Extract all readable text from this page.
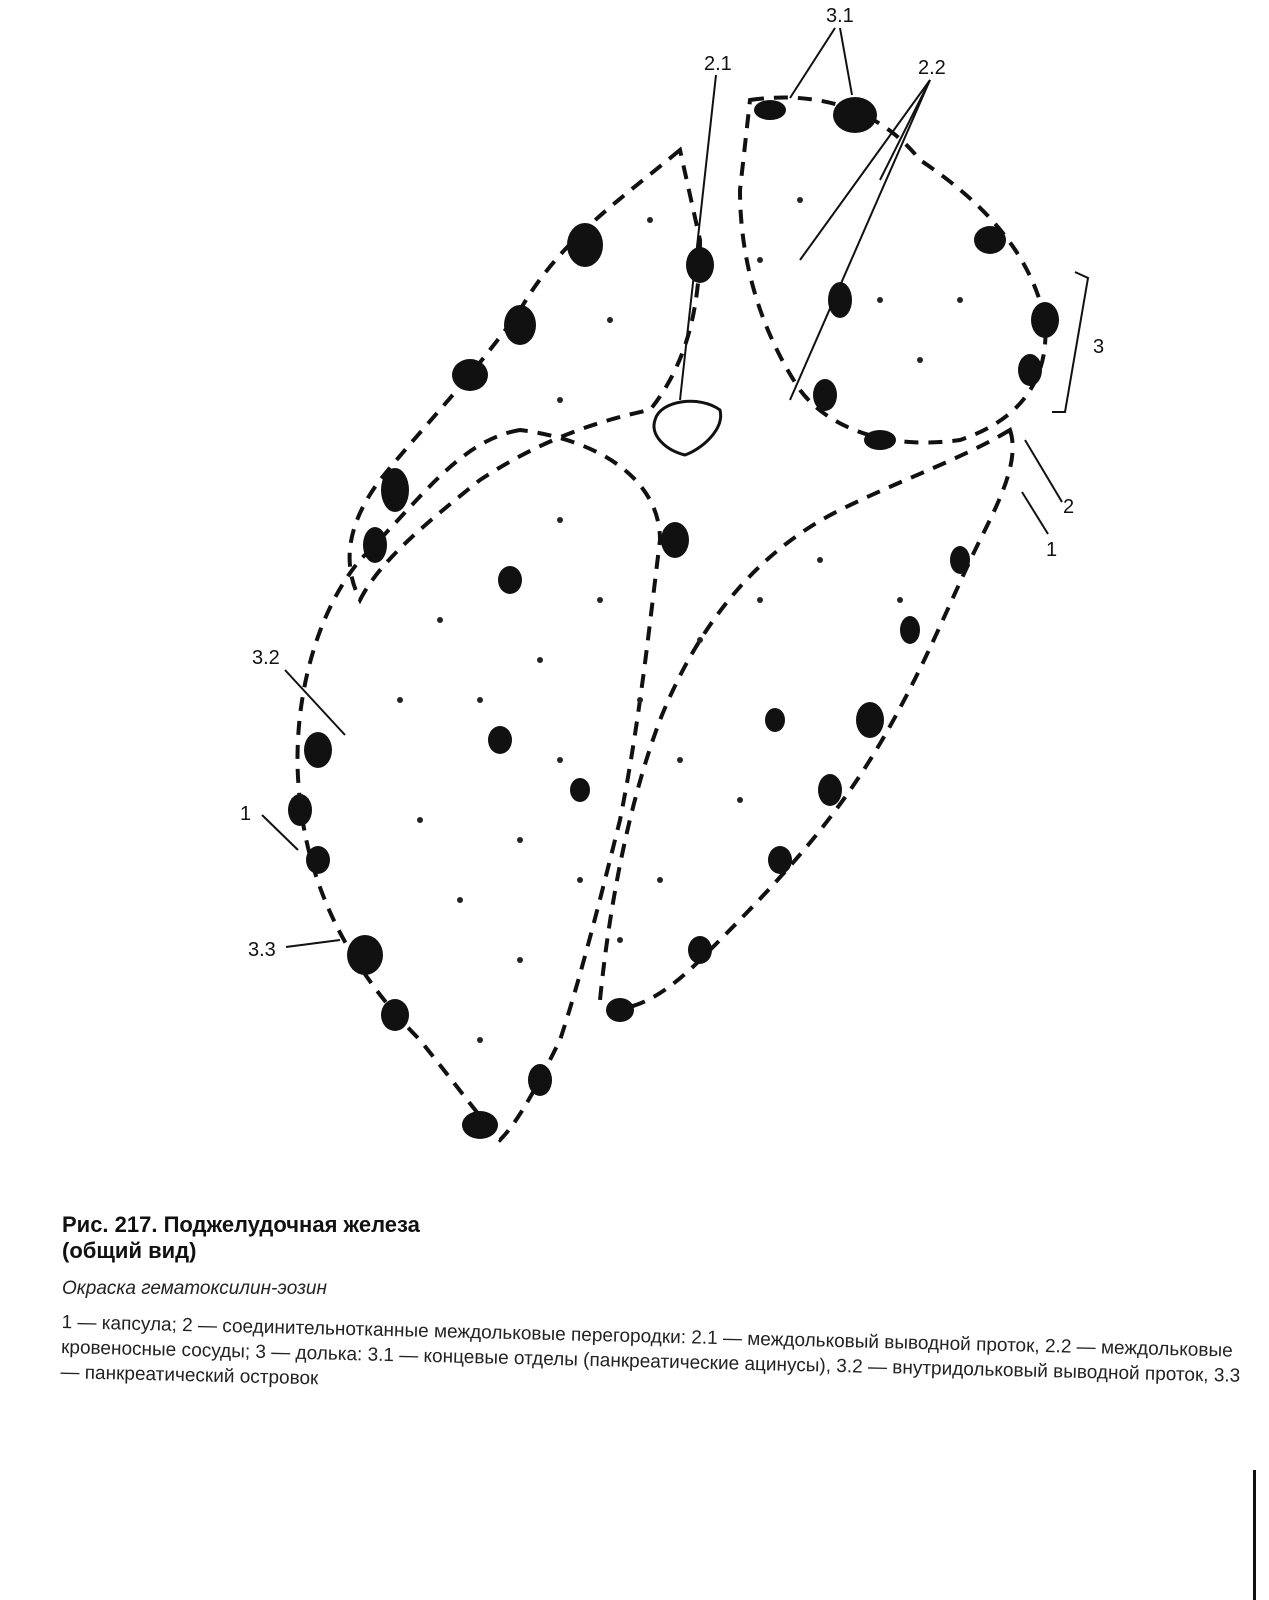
3.1
2.1	2.2
3
2
1
3.2
1
3.3
Рис. 217. Поджелудочная железа
(общий вид)
Окраска гематоксилин-эозин

1 — капсула; 2 — соединительнотканные междольковые перегородки: 2.1 — междольковый выводной проток, 2.2 — междольковые кровеносные сосуды; 3 — долька: 3.1 — концевые отделы (панкреатические ацинусы), 3.2 — внутридольковый выводной проток, 3.3 — панкреатический островок
